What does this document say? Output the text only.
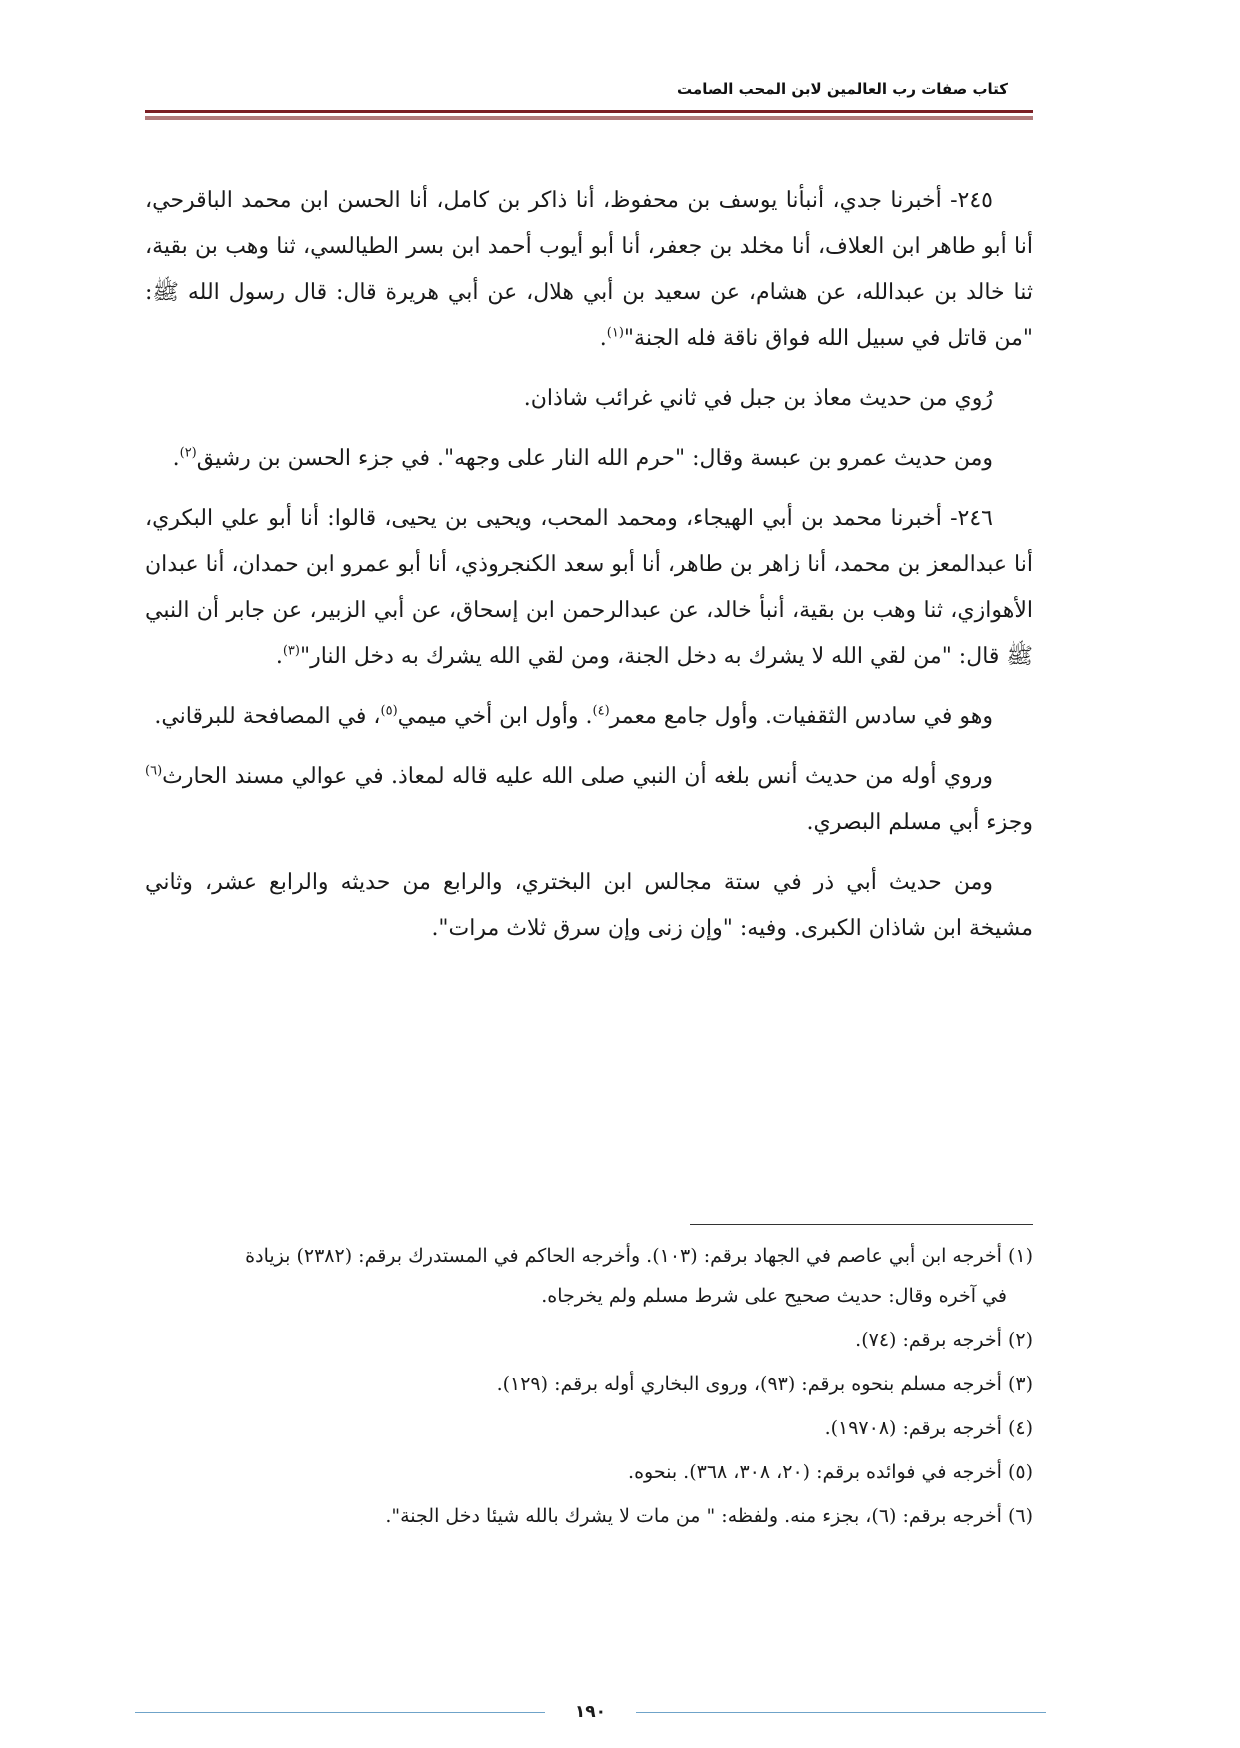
كتاب صفات رب العالمين لابن المحب الصامت

٢٤٥- أخبرنا جدي، أنبأنا يوسف بن محفوظ، أنا ذاكر بن كامل، أنا الحسن ابن محمد الباقرحي، أنا أبو طاهر ابن العلاف، أنا مخلد بن جعفر، أنا أبو أيوب أحمد ابن بسر الطيالسي، ثنا وهب بن بقية، ثنا خالد بن عبدالله، عن هشام، عن سعيد بن أبي هلال، عن أبي هريرة قال: قال رسول الله ﷺ: "من قاتل في سبيل الله فواق ناقة فله الجنة"$^{(١)}$.

رُوي من حديث معاذ بن جبل في ثاني غرائب شاذان.

ومن حديث عمرو بن عبسة وقال: "حرم الله النار على وجهه". في جزء الحسن بن رشيق$^{(٢)}$.

٢٤٦- أخبرنا محمد بن أبي الهيجاء، ومحمد المحب، ويحيى بن يحيى، قالوا: أنا أبو علي البكري، أنا عبدالمعز بن محمد، أنا زاهر بن طاهر، أنا أبو سعد الكنجروذي، أنا أبو عمرو ابن حمدان، أنا عبدان الأهوازي، ثنا وهب بن بقية، أنبأ خالد، عن عبدالرحمن ابن إسحاق، عن أبي الزبير، عن جابر أن النبي ﷺ قال: "من لقي الله لا يشرك به دخل الجنة، ومن لقي الله يشرك به دخل النار"$^{(٣)}$.

وهو في سادس الثقفيات. وأول جامع معمر$^{(٤)}$. وأول ابن أخي ميمي$^{(٥)}$، في المصافحة للبرقاني.

وروي أوله من حديث أنس بلغه أن النبي صلى الله عليه قاله لمعاذ. في عوالي مسند الحارث$^{(٦)}$ وجزء أبي مسلم البصري.

ومن حديث أبي ذر في ستة مجالس ابن البختري، والرابع من حديثه والرابع عشر، وثاني مشيخة ابن شاذان الكبرى. وفيه: "وإن زنى وإن سرق ثلاث مرات".

(١) أخرجه ابن أبي عاصم في الجهاد برقم: (١٠٣). وأخرجه الحاكم في المستدرك برقم: (٢٣٨٢) بزيادة
في آخره وقال: حديث صحيح على شرط مسلم ولم يخرجاه.
(٢) أخرجه برقم: (٧٤).
(٣) أخرجه مسلم بنحوه برقم: (٩٣)، وروى البخاري أوله برقم: (١٢٩).
(٤) أخرجه برقم: (١٩٧٠٨).
(٥) أخرجه في فوائده برقم: (٢٠، ٣٠٨، ٣٦٨). بنحوه.
(٦) أخرجه برقم: (٦)، بجزء منه. ولفظه: " من مات لا يشرك بالله شيئا دخل الجنة".
١٩٠
